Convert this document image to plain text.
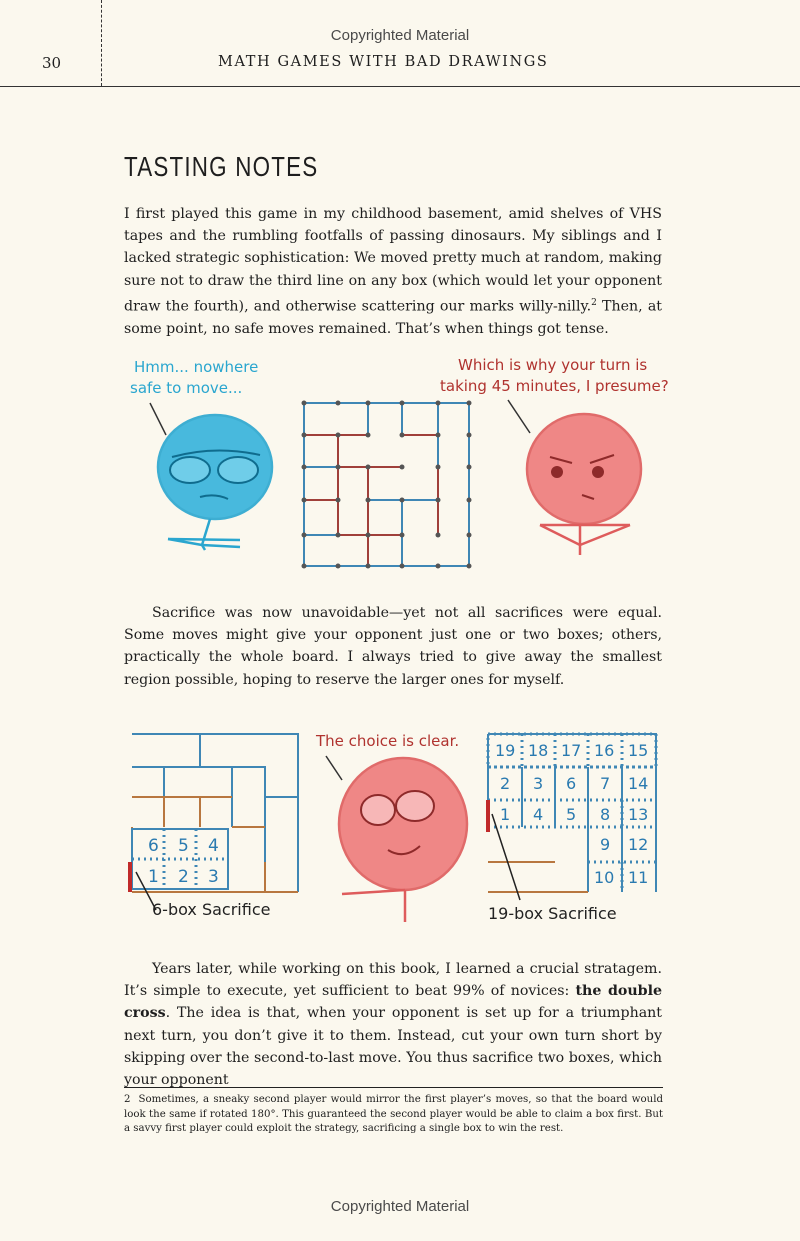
Copyrighted Material
30	MATH GAMES WITH BAD DRAWINGS
TASTING NOTES

I first played this game in my childhood basement, amid shelves of VHS tapes and the rumbling footfalls of passing dinosaurs. My siblings and I lacked strategic sophistication: We moved pretty much at random, making sure not to draw the third line on any box (which would let your opponent draw the fourth), and otherwise scattering our marks willy-nilly.$^2$ Then, at some point, no safe moves remained. That’s when things got tense.

Hmm... nowhere
safe to move...
Which is why your turn is
taking 45 minutes, I presume?

Sacrifice was now unavoidable—yet not all sacrifices were equal. Some moves might give your opponent just one or two boxes; others, practically the whole board. I always tried to give away the smallest region possible, hoping to reserve the larger ones for myself.

6 5 4
1 2 3
6-box Sacrifice
The choice is clear. 19 18 17 16 15
2 3 6 7 14
1 4 5 8 13
9 12
10 11
19-box Sacrifice

Years later, while working on this book, I learned a crucial stratagem. It’s simple to execute, yet sufficient to beat 99% of novices: the double cross. The idea is that, when your opponent is set up for a triumphant next turn, you don’t give it to them. Instead, cut your own turn short by skipping over the second-to-last move. You thus sacrifice two boxes, which your opponent

2 Sometimes, a sneaky second player would mirror the first player’s moves, so that the board would look the same if rotated 180°. This guaranteed the second player would be able to claim a box first. But a savvy first player could exploit the strategy, sacrificing a single box to win the rest.

Copyrighted Material
